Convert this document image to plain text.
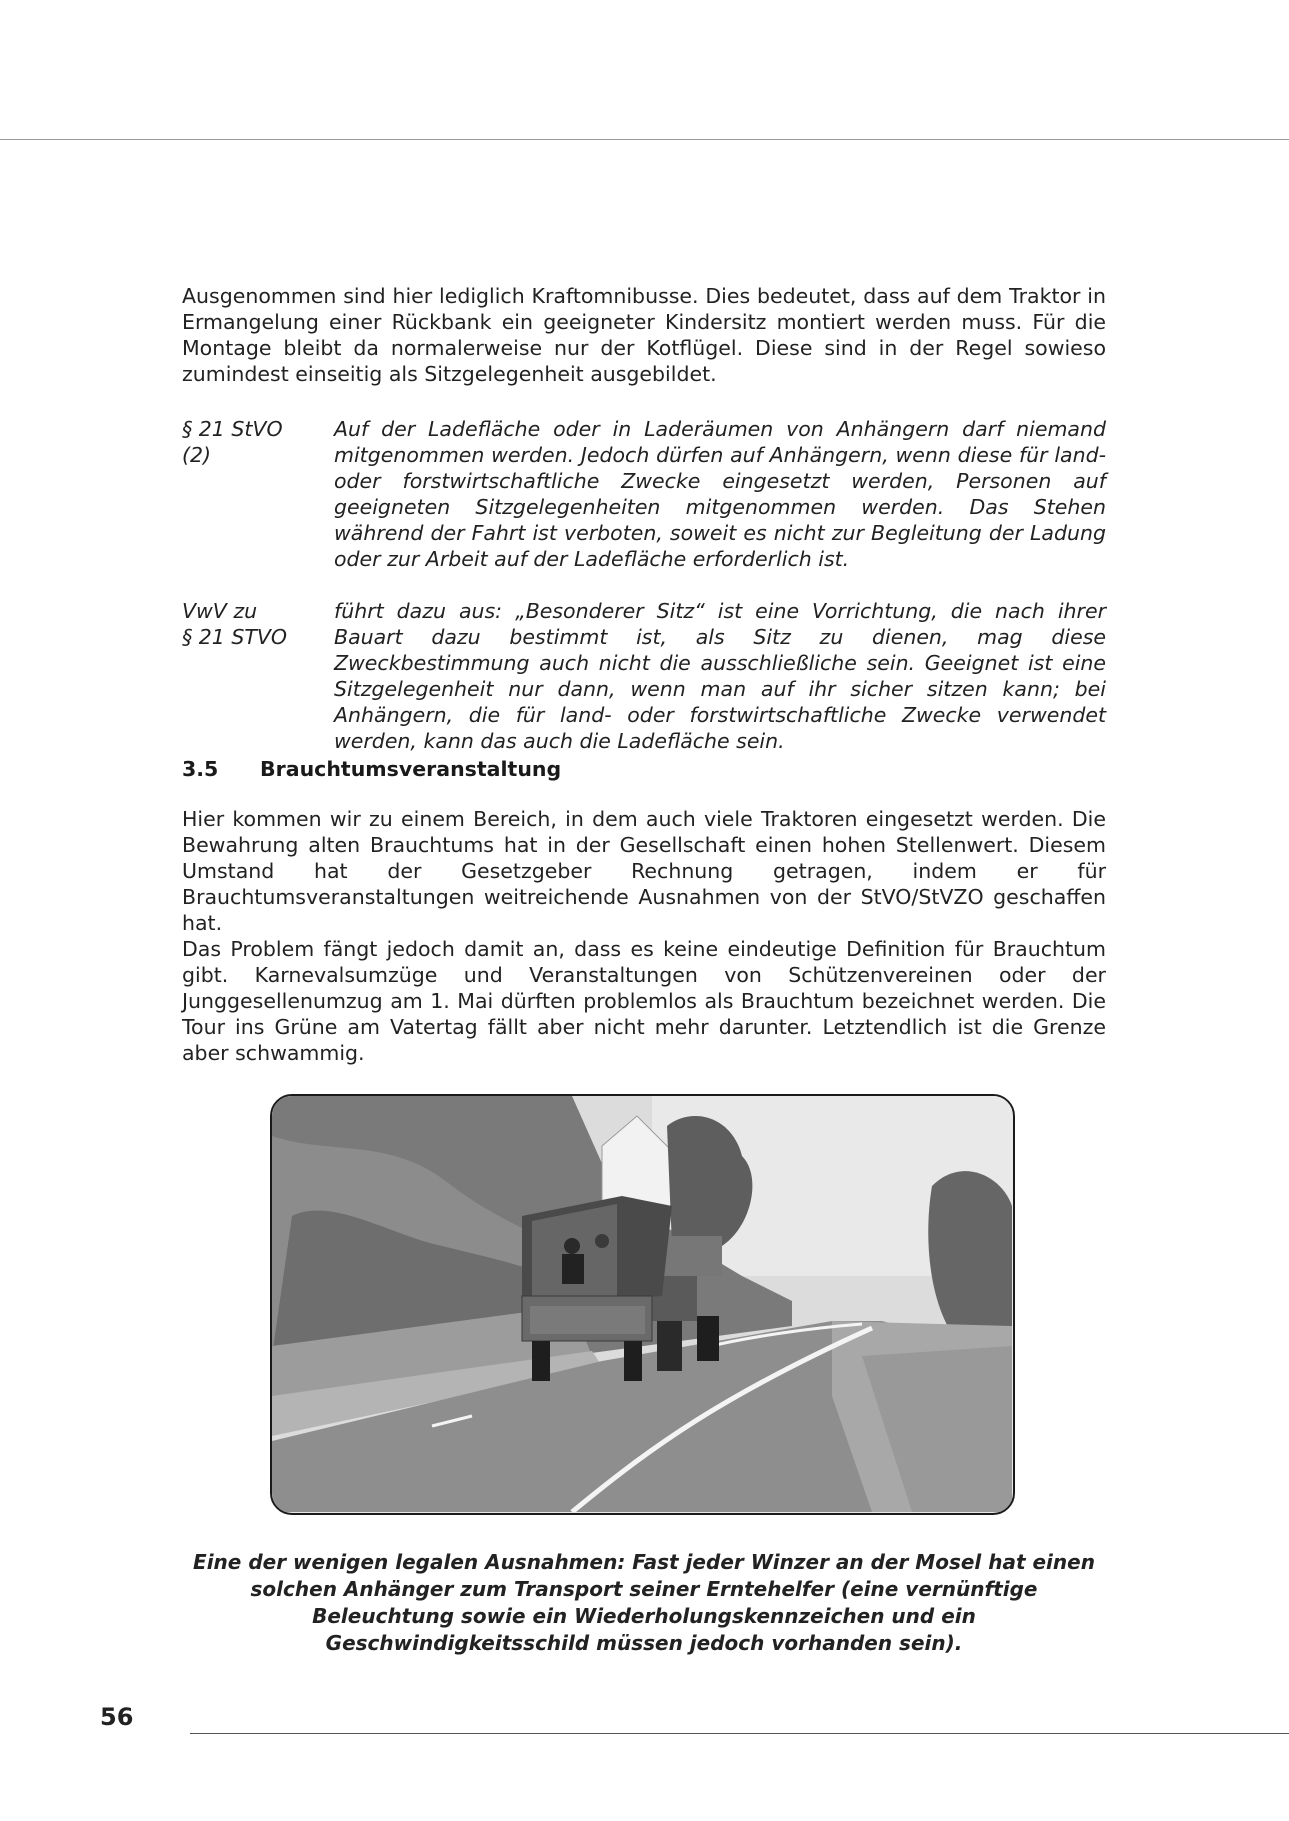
Ausgenommen sind hier lediglich Kraftomnibusse. Dies bedeutet, dass auf dem Traktor in Ermangelung einer Rückbank ein geeigneter Kindersitz montiert werden muss. Für die Montage bleibt da normalerweise nur der Kotflügel. Diese sind in der Regel sowieso zumindest einseitig als Sitzgelegenheit ausgebildet.

§ 21 StVO
(2)

Auf der Ladefläche oder in Laderäumen von Anhängern darf niemand mitgenommen werden. Jedoch dürfen auf Anhängern, wenn diese für land- oder forstwirtschaftliche Zwecke eingesetzt werden, Personen auf geeigneten Sitzgelegenheiten mitgenommen werden. Das Stehen während der Fahrt ist verboten, soweit es nicht zur Begleitung der Ladung oder zur Arbeit auf der Ladefläche erforderlich ist.

VwV zu
§ 21 STVO

führt dazu aus: „Besonderer Sitz“ ist eine Vorrichtung, die nach ihrer Bauart dazu bestimmt ist, als Sitz zu dienen, mag diese Zweckbestimmung auch nicht die ausschließliche sein. Geeignet ist eine Sitzgelegenheit nur dann, wenn man auf ihr sicher sitzen kann; bei Anhängern, die für land- oder forstwirtschaftliche Zwecke verwendet werden, kann das auch die Ladefläche sein.

3.5 Brauchtumsveranstaltung

Hier kommen wir zu einem Bereich, in dem auch viele Traktoren eingesetzt werden. Die Bewahrung alten Brauchtums hat in der Gesellschaft einen hohen Stellenwert. Diesem Umstand hat der Gesetzgeber Rechnung getragen, indem er für Brauchtumsveranstaltungen weitreichende Ausnahmen von der StVO/StVZO geschaffen hat.

Das Problem fängt jedoch damit an, dass es keine eindeutige Definition für Brauchtum gibt. Karnevalsumzüge und Veranstaltungen von Schützenvereinen oder der Junggesellenumzug am 1. Mai dürften problemlos als Brauchtum bezeichnet werden. Die Tour ins Grüne am Vatertag fällt aber nicht mehr darunter. Letztendlich ist die Grenze aber schwammig.

Eine der wenigen legalen Ausnahmen: Fast jeder Winzer an der Mosel hat einen solchen Anhänger zum Transport seiner Erntehelfer (eine vernünftige Beleuchtung sowie ein Wiederholungskennzeichen und ein Geschwindigkeitsschild müssen jedoch vorhanden sein).

56
